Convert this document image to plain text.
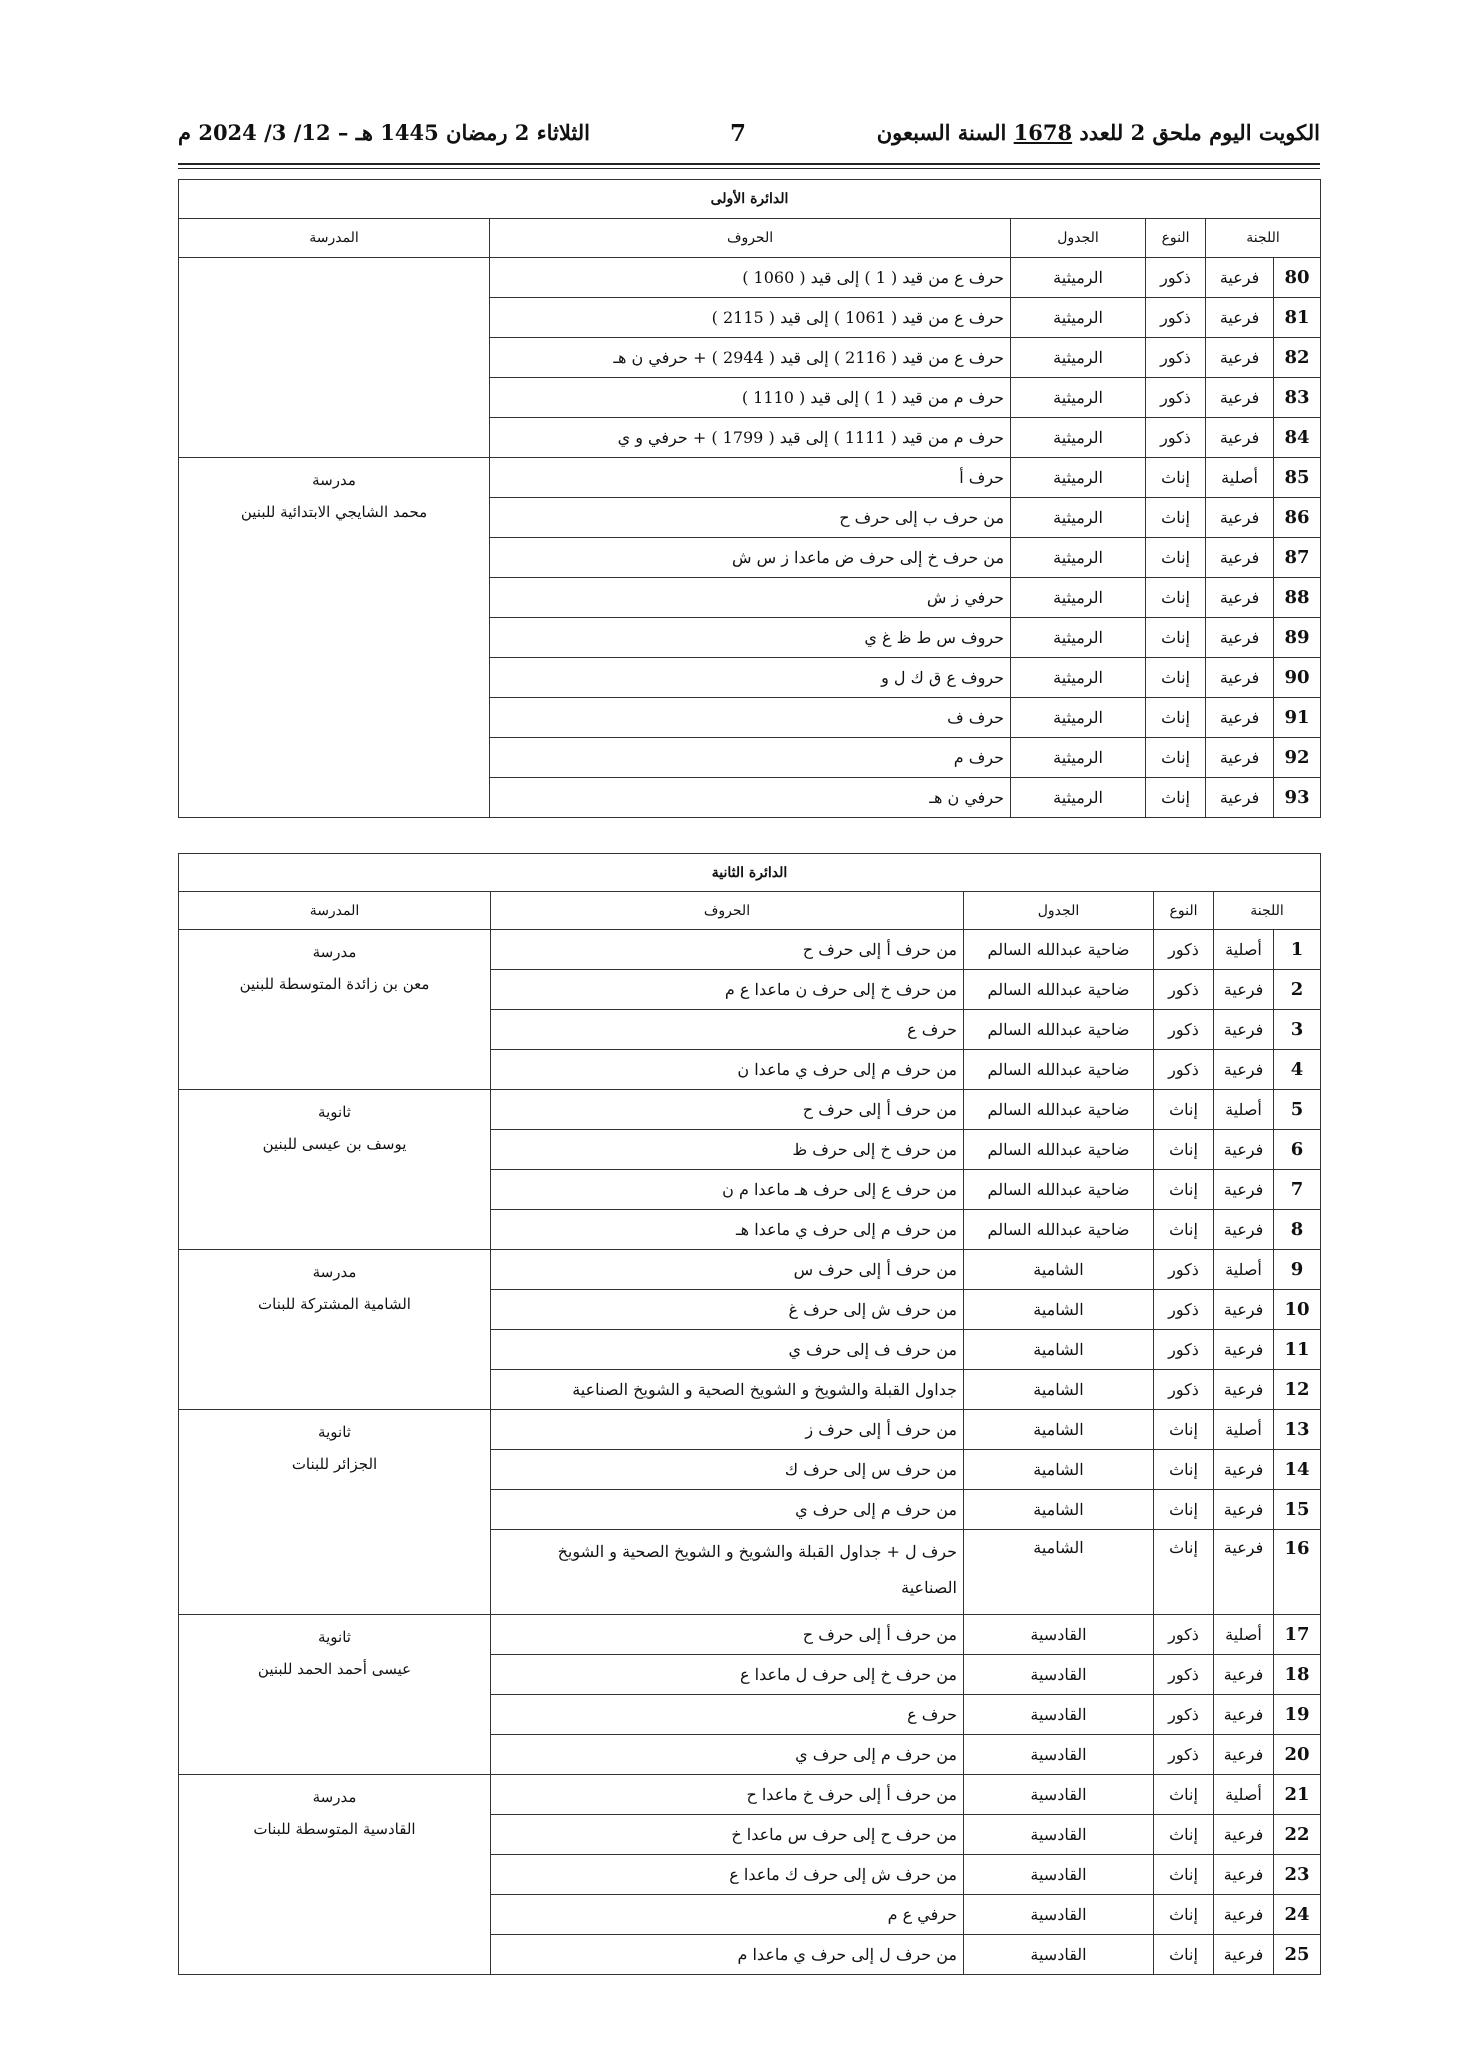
الكويت اليوم ملحق 2 للعدد 1678 السنة السبعون
7
الثلاثاء 2 رمضان 1445 هـ – 12/ 3/ 2024 م
الدائرة الأولى					
اللجنة		النوع	الجدول	الحروف	المدرسة
80	فرعية	ذكور	الرميثية	حرف ع من قيد ( 1 ) إلى قيد ( 1060 )	

81	فرعية	ذكور	الرميثية	حرف ع من قيد ( 1061 ) إلى قيد ( 2115 )	
82	فرعية	ذكور	الرميثية	حرف ع من قيد ( 2116 ) إلى قيد ( 2944 ) + حرفي ن هـ	
83	فرعية	ذكور	الرميثية	حرف م من قيد ( 1 ) إلى قيد ( 1110 )	
84	فرعية	ذكور	الرميثية	حرف م من قيد ( 1111 ) إلى قيد ( 1799 ) + حرفي و ي	
85	أصلية	إناث	الرميثية	حرف أ	مدرسة
محمد الشايجي الابتدائية للبنين

86	فرعية	إناث	الرميثية	من حرف ب إلى حرف ح	
87	فرعية	إناث	الرميثية	من حرف خ إلى حرف ض ماعدا ز س ش	
88	فرعية	إناث	الرميثية	حرفي ز ش	
89	فرعية	إناث	الرميثية	حروف س ط ظ غ ي	
90	فرعية	إناث	الرميثية	حروف ع ق ك ل و	
91	فرعية	إناث	الرميثية	حرف ف	
92	فرعية	إناث	الرميثية	حرف م	
93	فرعية	إناث	الرميثية	حرفي ن هـ	
الدائرة الثانية					
اللجنة		النوع	الجدول	الحروف	المدرسة
1	أصلية	ذكور	ضاحية عبدالله السالم	من حرف أ إلى حرف ح	مدرسة
معن بن زائدة المتوسطة للبنين

2	فرعية	ذكور	ضاحية عبدالله السالم	من حرف خ إلى حرف ن ماعدا ع م	
3	فرعية	ذكور	ضاحية عبدالله السالم	حرف ع	
4	فرعية	ذكور	ضاحية عبدالله السالم	من حرف م إلى حرف ي ماعدا ن	
5	أصلية	إناث	ضاحية عبدالله السالم	من حرف أ إلى حرف ح	ثانوية
يوسف بن عيسى للبنين

6	فرعية	إناث	ضاحية عبدالله السالم	من حرف خ إلى حرف ظ	
7	فرعية	إناث	ضاحية عبدالله السالم	من حرف ع إلى حرف هـ ماعدا م ن	
8	فرعية	إناث	ضاحية عبدالله السالم	من حرف م إلى حرف ي ماعدا هـ	
9	أصلية	ذكور	الشامية	من حرف أ إلى حرف س	مدرسة
الشامية المشتركة للبنات

10	فرعية	ذكور	الشامية	من حرف ش إلى حرف غ	
11	فرعية	ذكور	الشامية	من حرف ف إلى حرف ي	
12	فرعية	ذكور	الشامية	جداول القبلة والشويخ و الشويخ الصحية و الشويخ الصناعية	
13	أصلية	إناث	الشامية	من حرف أ إلى حرف ز	ثانوية
الجزائر للبنات

14	فرعية	إناث	الشامية	من حرف س إلى حرف ك	
15	فرعية	إناث	الشامية	من حرف م إلى حرف ي	
16	فرعية	إناث	الشامية	حرف ل + جداول القبلة والشويخ و الشويخ الصحية و الشويخ الصناعية	
17	أصلية	ذكور	القادسية	من حرف أ إلى حرف ح	ثانوية
عيسى أحمد الحمد للبنين

18	فرعية	ذكور	القادسية	من حرف خ إلى حرف ل ماعدا ع	
19	فرعية	ذكور	القادسية	حرف ع	
20	فرعية	ذكور	القادسية	من حرف م إلى حرف ي	
21	أصلية	إناث	القادسية	من حرف أ إلى حرف خ ماعدا ح	مدرسة
القادسية المتوسطة للبنات

22	فرعية	إناث	القادسية	من حرف ح إلى حرف س ماعدا خ	
23	فرعية	إناث	القادسية	من حرف ش إلى حرف ك ماعدا ع	
24	فرعية	إناث	القادسية	حرفي ع م	
25	فرعية	إناث	القادسية	من حرف ل إلى حرف ي ماعدا م	
